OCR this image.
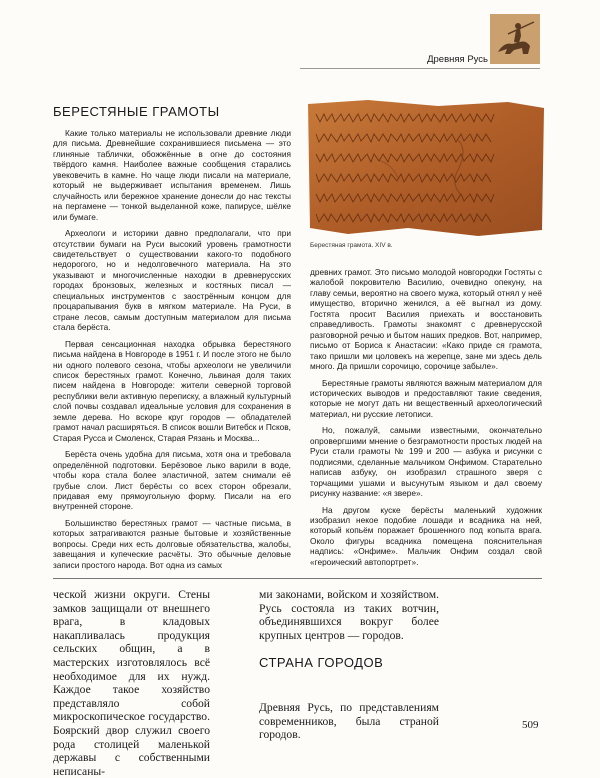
Древняя Русь
БЕРЕСТЯНЫЕ ГРАМОТЫ

Какие только материалы не использовали древние люди для письма. Древнейшие сохранившиеся письмена — это глиняные таблички, обожжённые в огне до состояния твёрдого камня. Наиболее важные сообщения старались увековечить в камне. Но чаще люди писали на материале, который не выдерживает испытания временем. Лишь случайность или бережное хранение донесли до нас тексты на пергамене — тонкой выделанной коже, папирусе, шёлке или бумаге.

Археологи и историки давно предполагали, что при отсутствии бумаги на Руси высокий уровень грамотности свидетельствует о существовании какого-то подобного недорогого, но и недолговечного материала. На это указывают и многочисленные находки в древнерусских городах бронзовых, железных и костяных писал — специальных инструментов с заострённым концом для процарапывания букв в мягком материале. На Руси, в стране лесов, самым доступным материалом для письма стала берёста.

Первая сенсационная находка обрывка берестяного письма найдена в Новгороде в 1951 г. И после этого не было ни одного полевого сезона, чтобы археологи не увеличили список берестяных грамот. Конечно, львиная доля таких писем найдена в Новгороде: жители северной торговой республики вели активную переписку, а влажный культурный слой почвы создавал идеальные условия для сохранения в земле дерева. Но вскоре круг городов — обладателей грамот начал расширяться. В список вошли Витебск и Псков, Старая Русса и Смоленск, Старая Рязань и Москва...

Берёста очень удобна для письма, хотя она и требовала определённой подготовки. Берёзовое лыко варили в воде, чтобы кора стала более эластичной, затем снимали её грубые слои. Лист берёсты со всех сторон обрезали, придавая ему прямоугольную форму. Писали на его внутренней стороне.

Большинство берестяных грамот — частные письма, в которых затрагиваются разные бытовые и хозяйственные вопросы. Среди них есть долговые обязательства, жалобы, завещания и купеческие расчёты. Это обычные деловые записи простого народа. Вот одна из самых

Берестяная грамота. XIV в.

древних грамот. Это письмо молодой новгородки Гостяты с жалобой покровителю Василию, очевидно опекуну, на главу семьи, вероятно на своего мужа, который отнял у неё имущество, вторично женился, а её выгнал из дому. Гостята просит Василия приехать и восстановить справедливость. Грамоты знакомят с древнерусской разговорной речью и бытом наших предков. Вот, например, письмо от Бориса к Анастасии: «Како приде ся грамота, тако пришли ми цоловекъ на жерепце, зане ми здесь дель много. Да пришли сорочицю, сорочице забыле».

Берестяные грамоты являются важным материалом для исторических выводов и предоставляют такие сведения, которые не могут дать ни вещественный археологический материал, ни русские летописи.

Но, пожалуй, самыми известными, окончательно опровергшими мнение о безграмотности простых людей на Руси стали грамоты № 199 и 200 — азбука и рисунки с подписями, сделанные мальчиком Онфимом. Старательно написав азбуку, он изобразил страшного зверя с торчащими ушами и высунутым языком и дал своему рисунку название: «я звере».

На другом куске берёсты маленький художник изобразил некое подобие лошади и всадника на ней, который копьём поражает брошенного под копыта врага. Около фигуры всадника помещена пояснительная надпись: «Онфиме». Мальчик Онфим создал свой «героический автопортрет».

ческой жизни округи. Стены замков защищали от внешнего врага, в кладовых накапливалась продукция сельских общин, а в мастерских изготовлялось всё необходимое для их нужд. Каждое такое хозяйство представляло собой микроскопическое государство. Боярский двор служил своего рода столицей маленькой державы с собственными неписаны-

ми законами, войском и хозяйством. Русь состояла из таких вотчин, объединявшихся вокруг более крупных центров — городов.

СТРАНА ГОРОДОВ

Древняя Русь, по представлениям современников, была страной городов.

509
